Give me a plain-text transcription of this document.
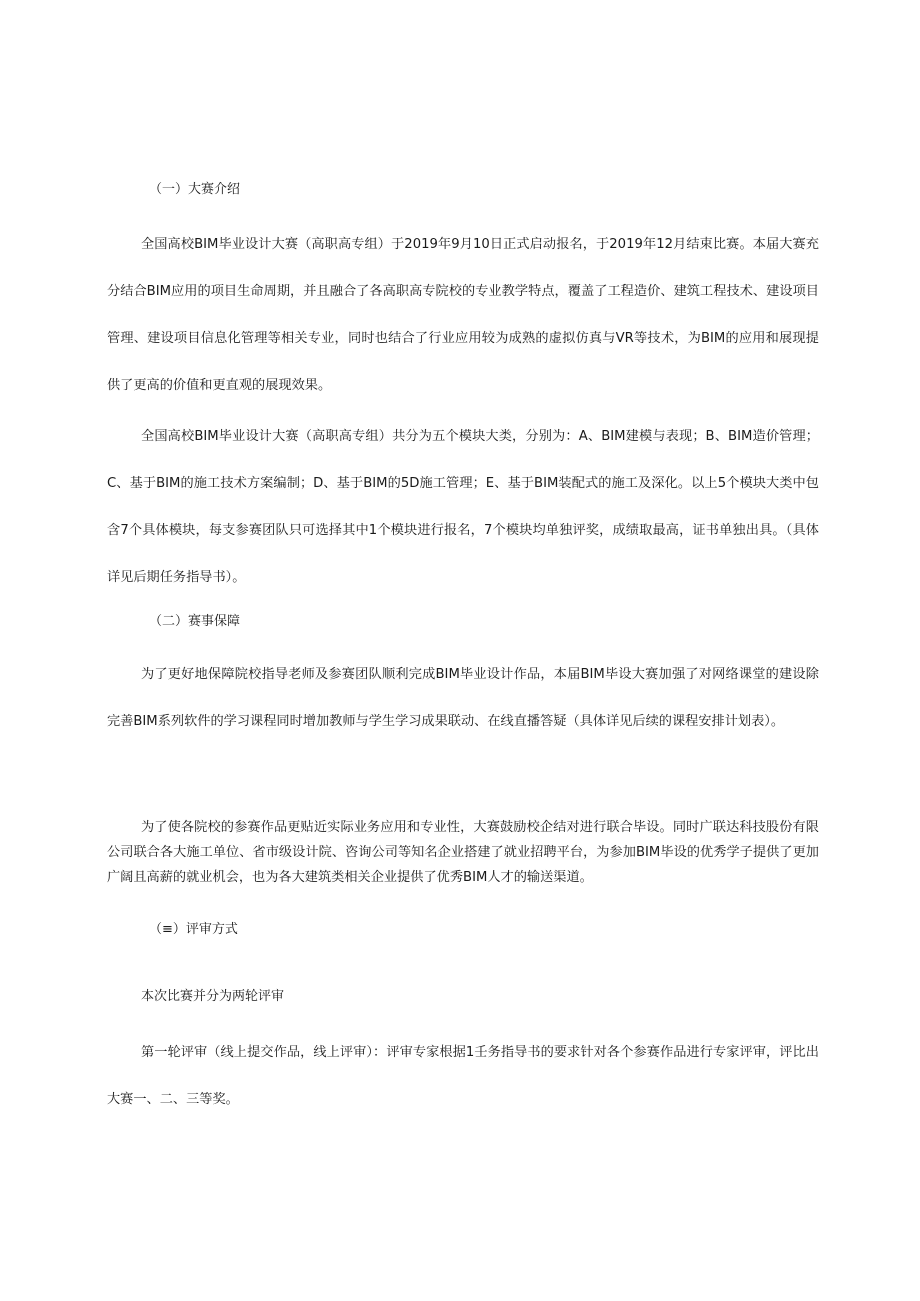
（一）大赛介绍

全国高校BIM毕业设计大赛（高职高专组）于2019年9月10日正式启动报名，于2019年12月结束比赛。本届大赛充分结合BIM应用的项目生命周期，并且融合了各高职高专院校的专业教学特点，覆盖了工程造价、建筑工程技术、建设项目管理、建设项目信息化管理等相关专业，同时也结合了行业应用较为成熟的虚拟仿真与VR等技术，为BIM的应用和展现提供了更高的价值和更直观的展现效果。

全国高校BIM毕业设计大赛（高职高专组）共分为五个模块大类，分别为：A、BIM建模与表现；B、BIM造价管理；C、基于BIM的施工技术方案编制；D、基于BIM的5D施工管理；E、基于BIM装配式的施工及深化。以上5个模块大类中包含7个具体模块，每支参赛团队只可选择其中1个模块进行报名，7个模块均单独评奖，成绩取最高，证书单独出具。（具体详见后期任务指导书）。

（二）赛事保障

为了更好地保障院校指导老师及参赛团队顺利完成BIM毕业设计作品，本届BIM毕设大赛加强了对网络课堂的建设除完善BIM系列软件的学习课程同时增加教师与学生学习成果联动、在线直播答疑（具体详见后续的课程安排计划表）。

为了使各院校的参赛作品更贴近实际业务应用和专业性，大赛鼓励校企结对进行联合毕设。同时广联达科技股份有限公司联合各大施工单位、省市级设计院、咨询公司等知名企业搭建了就业招聘平台，为参加BIM毕设的优秀学子提供了更加广阔且高薪的就业机会，也为各大建筑类相关企业提供了优秀BIM人才的输送渠道。

（≡）评审方式
本次比赛并分为两轮评审

第一轮评审（线上提交作品，线上评审）：评审专家根据1壬务指导书的要求针对各个参赛作品进行专家评审，评比出大赛一、二、三等奖。
